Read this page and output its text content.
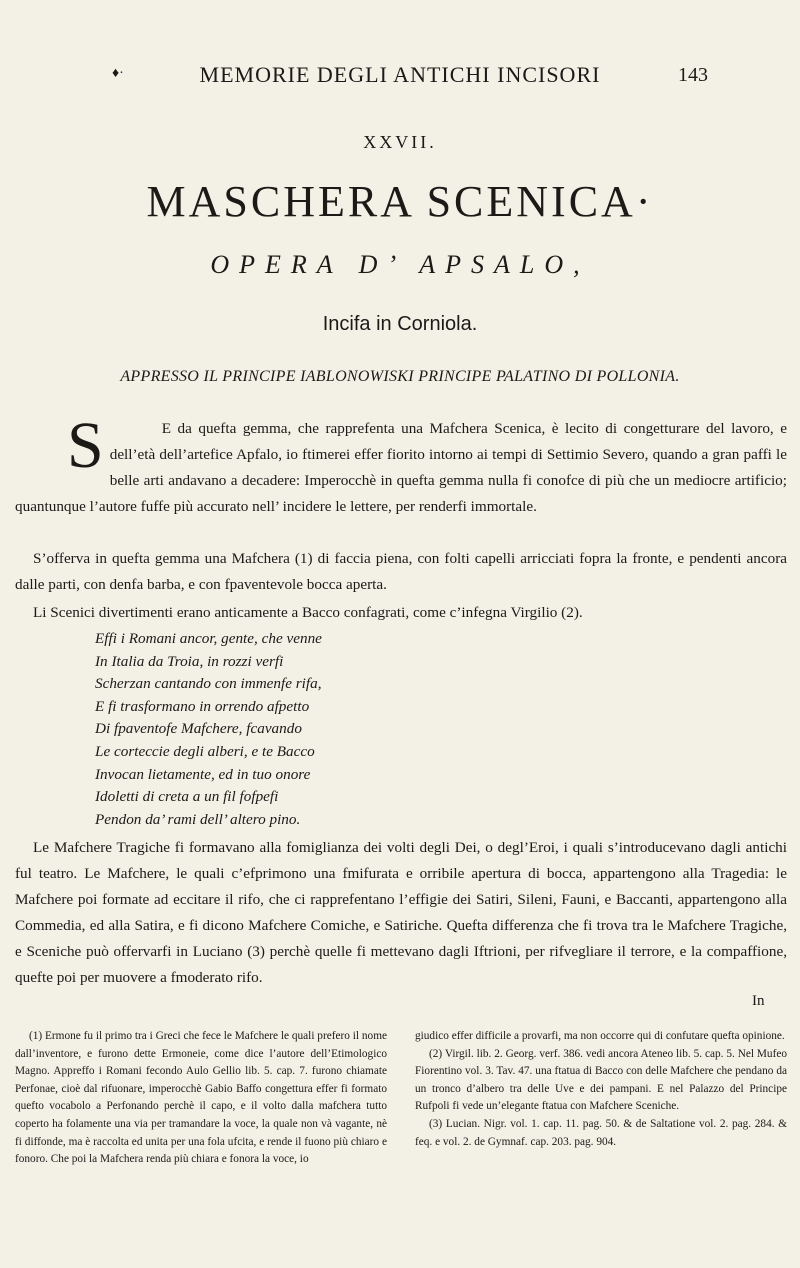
♦·	MEMORIE DEGLI ANTICHI INCISORI	143
XXVII.
MASCHERA SCENICA·
OPERA D’ APSALO,
Incifa in Corniola.
APPRESSO IL PRINCIPE IABLONOWISKI PRINCIPE PALATINO DI POLLONIA.
S	E da quefta gemma, che rapprefenta una Mafchera Scenica, è lecito di congetturare del lavoro, e dell’età dell’artefice Apfalo, io ftimerei effer fiorito intorno ai tempi di Settimio Severo, quando a gran paffi le belle arti andavano a decadere: Imperocchè in quefta gemma nulla fi conofce di più che un mediocre artificio; quantunque l’autore fuffe più accurato nell’ incidere le lettere, per renderfi immortale.
S’offerva in quefta gemma una Mafchera (1) di faccia piena, con folti capelli arricciati fopra la fronte, e pendenti ancora dalle parti, con denfa barba, e con fpaventevole bocca aperta.
Li Scenici divertimenti erano anticamente a Bacco confagrati, come c’infegna Virgilio (2).
Effi i Romani ancor, gente, che venne
In Italia da Troia, in rozzi verfi
Scherzan cantando con immenfe rifa,
E fi trasformano in orrendo afpetto
Di fpaventofe Mafchere, fcavando
Le corteccie degli alberi, e te Bacco
Invocan lietamente, ed in tuo onore
Idoletti di creta a un fil fofpefi
Pendon da’ rami dell’ altero pino.
Le Mafchere Tragiche fi formavano alla fomiglianza dei volti degli Dei, o degl’Eroi, i quali s’introducevano dagli antichi ful teatro. Le Mafchere, le quali c’efprimono una fmifurata e orribile apertura di bocca, appartengono alla Tragedia: le Mafchere poi formate ad eccitare il rifo, che ci rapprefentano l’effigie dei Satiri, Sileni, Fauni, e Baccanti, appartengono alla Commedia, ed alla Satira, e fi dicono Mafchere Comiche, e Satiriche. Quefta differenza che fi trova tra le Mafchere Tragiche, e Sceniche può offervarfi in Luciano (3) perchè quelle fi mettevano dagli Iftrioni, per rifvegliare il terrore, e la compaffione, quefte poi per muovere a fmoderato rifo.
In

(1) Ermone fu il primo tra i Greci che fece le Mafchere le quali prefero il nome dall’inventore, e furono dette Ermoneie, come dice l’autore dell’Etimologico Magno. Appreffo i Romani fecondo Aulo Gellio lib. 5. cap. 7. furono chiamate Perfonae, cioè dal rifuonare, imperocchè Gabio Baffo congettura effer fi formato quefto vocabolo a Perfonando perchè il capo, e il volto dalla mafchera tutto coperto ha folamente una via per tramandare la voce, la quale non và vagante, nè fi diffonde, ma è raccolta ed unita per una fola ufcita, e rende il fuono più chiaro e fonoro. Che poi la Mafchera renda più chiara e fonora la voce, io

giudico effer difficile a provarfi, ma non occorre qui di confutare quefta opinione.

(2) Virgil. lib. 2. Georg. verf. 386. vedi ancora Ateneo lib. 5. cap. 5. Nel Mufeo Fiorentino vol. 3. Tav. 47. una ftatua di Bacco con delle Mafchere che pendano da un tronco d’albero tra delle Uve e dei pampani. E nel Palazzo del Principe Rufpoli fi vede un’elegante ftatua con Mafchere Sceniche.

(3) Lucian. Nigr. vol. 1. cap. 11. pag. 50. & de Saltatione vol. 2. pag. 284. & feq. e vol. 2. de Gymnaf. cap. 203. pag. 904.
